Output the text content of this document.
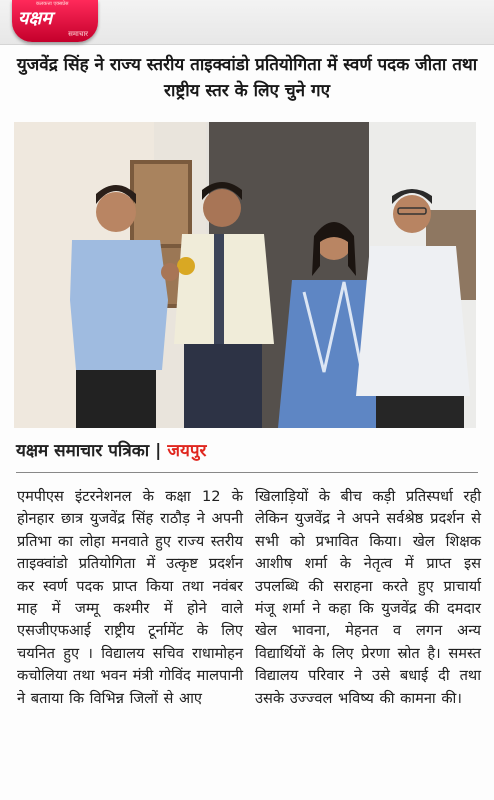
कलकत्ता एक्सप्रेस
यक्षम
समाचार
युजवेंद्र सिंह ने राज्य स्तरीय ताइक्वांडो प्रतियोगिता में स्वर्ण पदक जीता तथा राष्ट्रीय स्तर के लिए चुने गए
यक्षम समाचार पत्रिका | जयपुर
एमपीएस इंटरनेशनल के कक्षा 12 के होनहार छात्र युजवेंद्र सिंह राठौड़ ने अपनी प्रतिभा का लोहा मनवाते हुए राज्य स्तरीय ताइक्वांडो प्रतियोगिता में उत्कृष्ट प्रदर्शन कर स्वर्ण पदक प्राप्त किया तथा नवंबर माह में जम्मू कश्मीर में होने वाले एसजीएफआई राष्ट्रीय टूर्नामेंट के लिए चयनित हुए । विद्यालय सचिव राधामोहन कचोलिया तथा भवन मंत्री गोविंद मालपानी ने बताया कि विभिन्न जिलों से आए
खिलाड़ियों के बीच कड़ी प्रतिस्पर्धा रही लेकिन युजवेंद्र ने अपने सर्वश्रेष्ठ प्रदर्शन से सभी को प्रभावित किया। खेल शिक्षक आशीष शर्मा के नेतृत्व में प्राप्त इस उपलब्धि की सराहना करते हुए प्राचार्या मंजू शर्मा ने कहा कि युजवेंद्र की दमदार खेल भावना, मेहनत व लगन अन्य विद्यार्थियों के लिए प्रेरणा स्रोत है। समस्त विद्यालय परिवार ने उसे बधाई दी तथा उसके उज्ज्वल भविष्य की कामना की।
